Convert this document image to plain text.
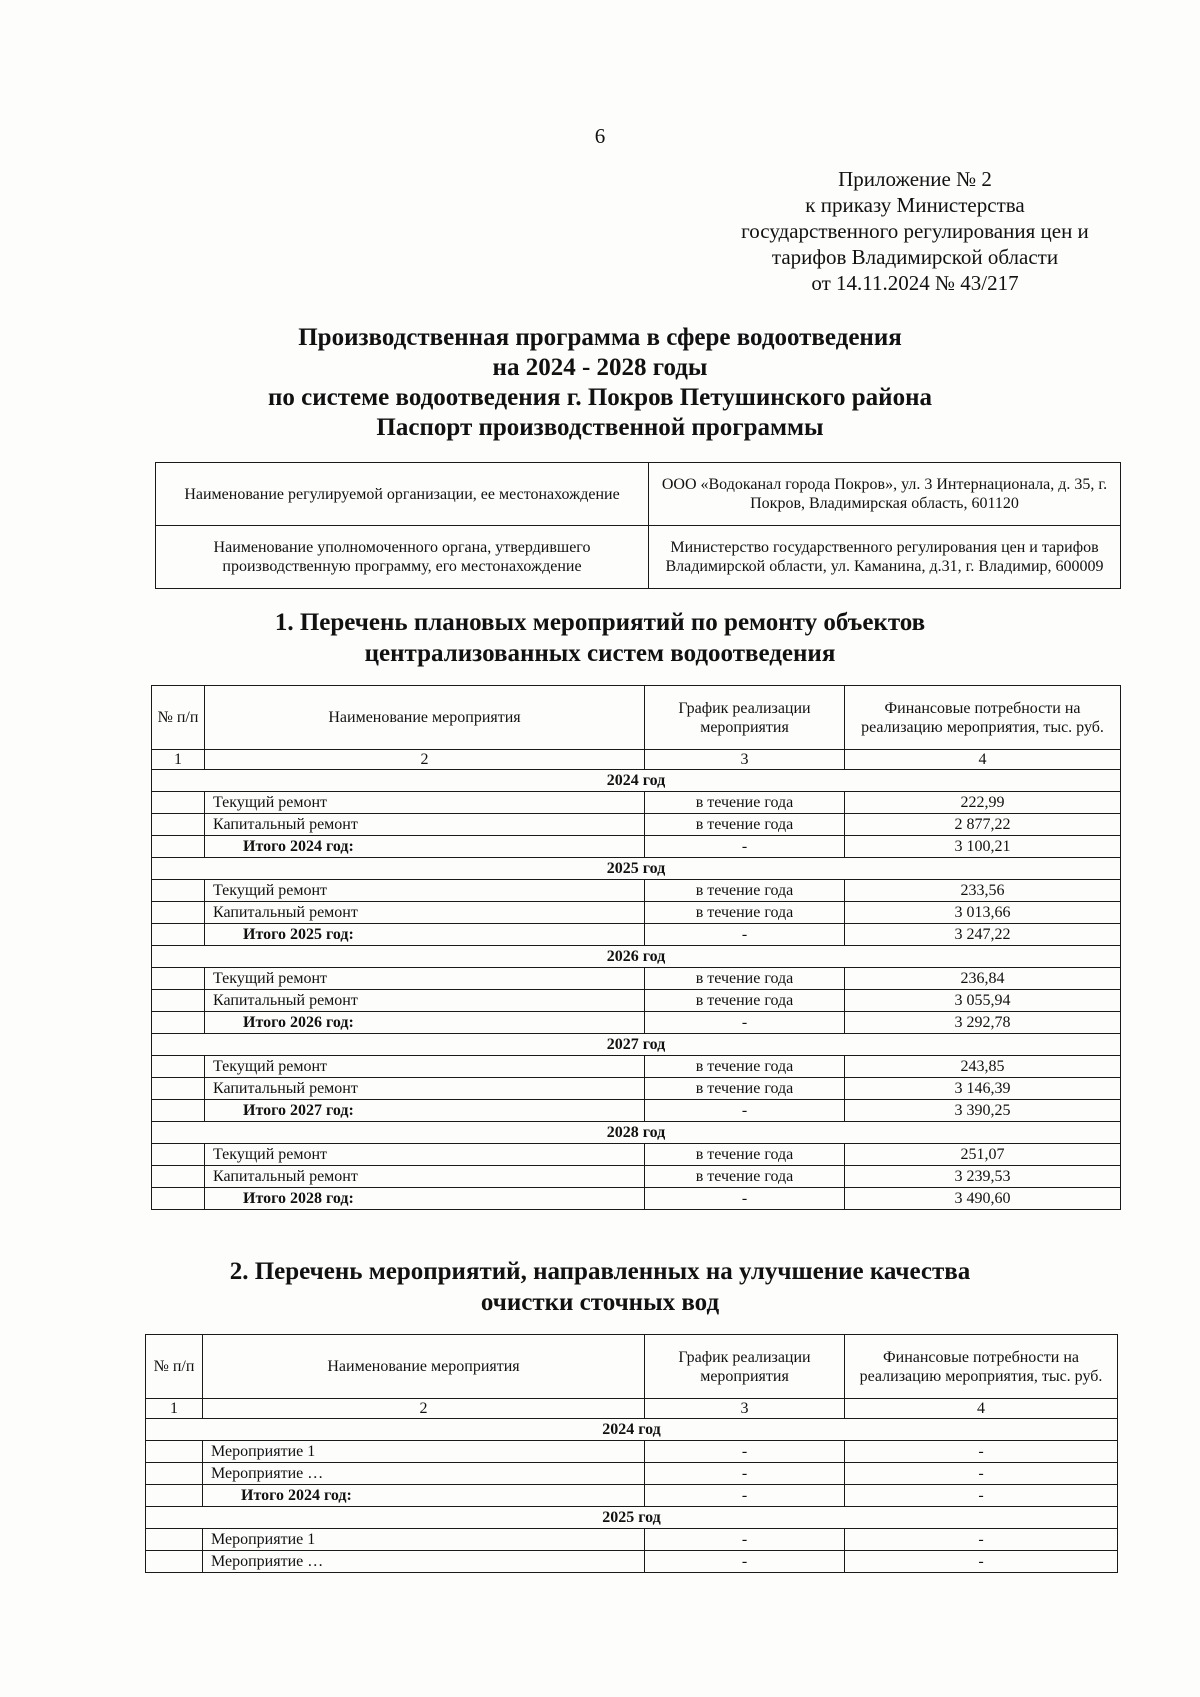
6
Приложение № 2
к приказу Министерства
государственного регулирования цен и
тарифов Владимирской области
от 14.11.2024 № 43/217
Производственная программа в сфере водоотведения
на 2024 - 2028 годы
по системе водоотведения г. Покров Петушинского района
Паспорт производственной программы
Наименование регулируемой организации, ее местонахождение	ООО «Водоканал города Покров», ул. 3 Интернационала, д. 35, г. Покров, Владимирская область, 601120
Наименование уполномоченного органа, утвердившего производственную программу, его местонахождение	Министерство государственного регулирования цен и тарифов Владимирской области, ул. Каманина, д.31, г. Владимир, 600009
1. Перечень плановых мероприятий по ремонту объектов
централизованных систем водоотведения
№ п/п	Наименование мероприятия	График реализации мероприятия	Финансовые потребности на реализацию мероприятия, тыс. руб.
1	2	3	4
2024 год			
	Текущий ремонт	в течение года	222,99
	Капитальный ремонт	в течение года	2 877,22
	Итого 2024 год:	-	3 100,21
2025 год			
	Текущий ремонт	в течение года	233,56
	Капитальный ремонт	в течение года	3 013,66
	Итого 2025 год:	-	3 247,22
2026 год			
	Текущий ремонт	в течение года	236,84
	Капитальный ремонт	в течение года	3 055,94
	Итого 2026 год:	-	3 292,78
2027 год			
	Текущий ремонт	в течение года	243,85
	Капитальный ремонт	в течение года	3 146,39
	Итого 2027 год:	-	3 390,25
2028 год			
	Текущий ремонт	в течение года	251,07
	Капитальный ремонт	в течение года	3 239,53
	Итого 2028 год:	-	3 490,60
2. Перечень мероприятий, направленных на улучшение качества
очистки сточных вод
№ п/п	Наименование мероприятия	График реализации мероприятия	Финансовые потребности на реализацию мероприятия, тыс. руб.
1	2	3	4
2024 год			
	Мероприятие 1	-	-
	Мероприятие …	-	-
	Итого 2024 год:	-	-
2025 год			
	Мероприятие 1	-	-
	Мероприятие …	-	-
